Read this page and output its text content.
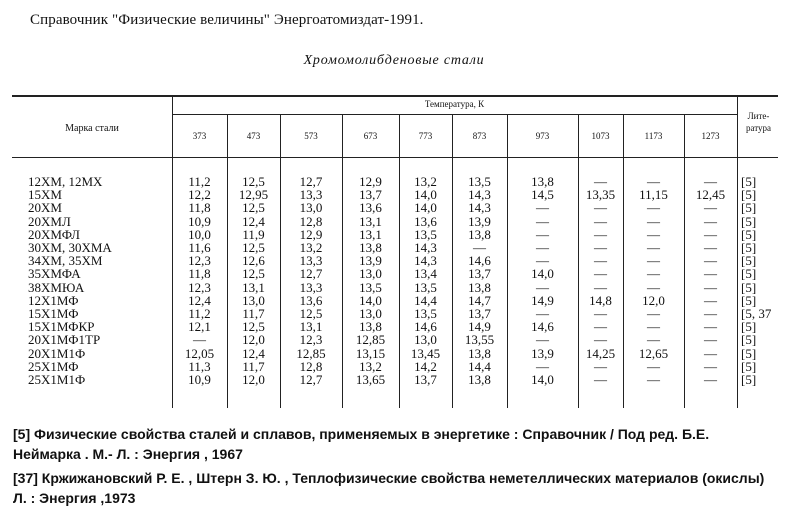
Справочник "Физические величины" Энергоатомиздат-1991.
Хромомолибденовые стали
Марка стали
Температура, К
373	473	573	673	773	873	973	1073	1173	1273
Лите-
ратура
12ХМ, 12МХ	11,2	12,5	12,7	12,9	13,2	13,5	13,8	—	—	—	[5]
15ХМ	12,2	12,95	13,3	13,7	14,0	14,3	14,5	13,35	11,15	12,45	[5]
20ХМ	11,8	12,5	13,0	13,6	14,0	14,3	—	—	—	—	[5]
20ХМЛ	10,9	12,4	12,8	13,1	13,6	13,9	—	—	—	—	[5]
20ХМФЛ	10,0	11,9	12,9	13,1	13,5	13,8	—	—	—	—	[5]
30ХМ, 30ХМА	11,6	12,5	13,2	13,8	14,3	—	—	—	—	—	[5]
34ХМ, 35ХМ	12,3	12,6	13,3	13,9	14,3	14,6	—	—	—	—	[5]
35ХМФА	11,8	12,5	12,7	13,0	13,4	13,7	14,0	—	—	—	[5]
38ХМЮА	12,3	13,1	13,3	13,5	13,5	13,8	—	—	—	—	[5]
12Х1МФ	12,4	13,0	13,6	14,0	14,4	14,7	14,9	14,8	12,0	—	[5]
15Х1МФ	11,2	11,7	12,5	13,0	13,5	13,7	—	—	—	—	[5, 37
15Х1МФКР	12,1	12,5	13,1	13,8	14,6	14,9	14,6	—	—	—	[5]
20Х1МФ1ТР	—	12,0	12,3	12,85	13,0	13,55	—	—	—	—	[5]
20Х1М1Ф	12,05	12,4	12,85	13,15	13,45	13,8	13,9	14,25	12,65	—	[5]
25Х1МФ	11,3	11,7	12,8	13,2	14,2	14,4	—	—	—	—	[5]
25Х1М1Ф	10,9	12,0	12,7	13,65	13,7	13,8	14,0	—	—	—	[5]
[5] Физические свойства сталей и сплавов, применяемых в энергетике : Справочник / Под ред. Б.Е. Неймарка . М.- Л. : Энергия , 1967
[37] Кржижановский Р. Е. , Штерн З. Ю. , Теплофизические свойства неметеллических материалов (окислы) Л. : Энергия ,1973
